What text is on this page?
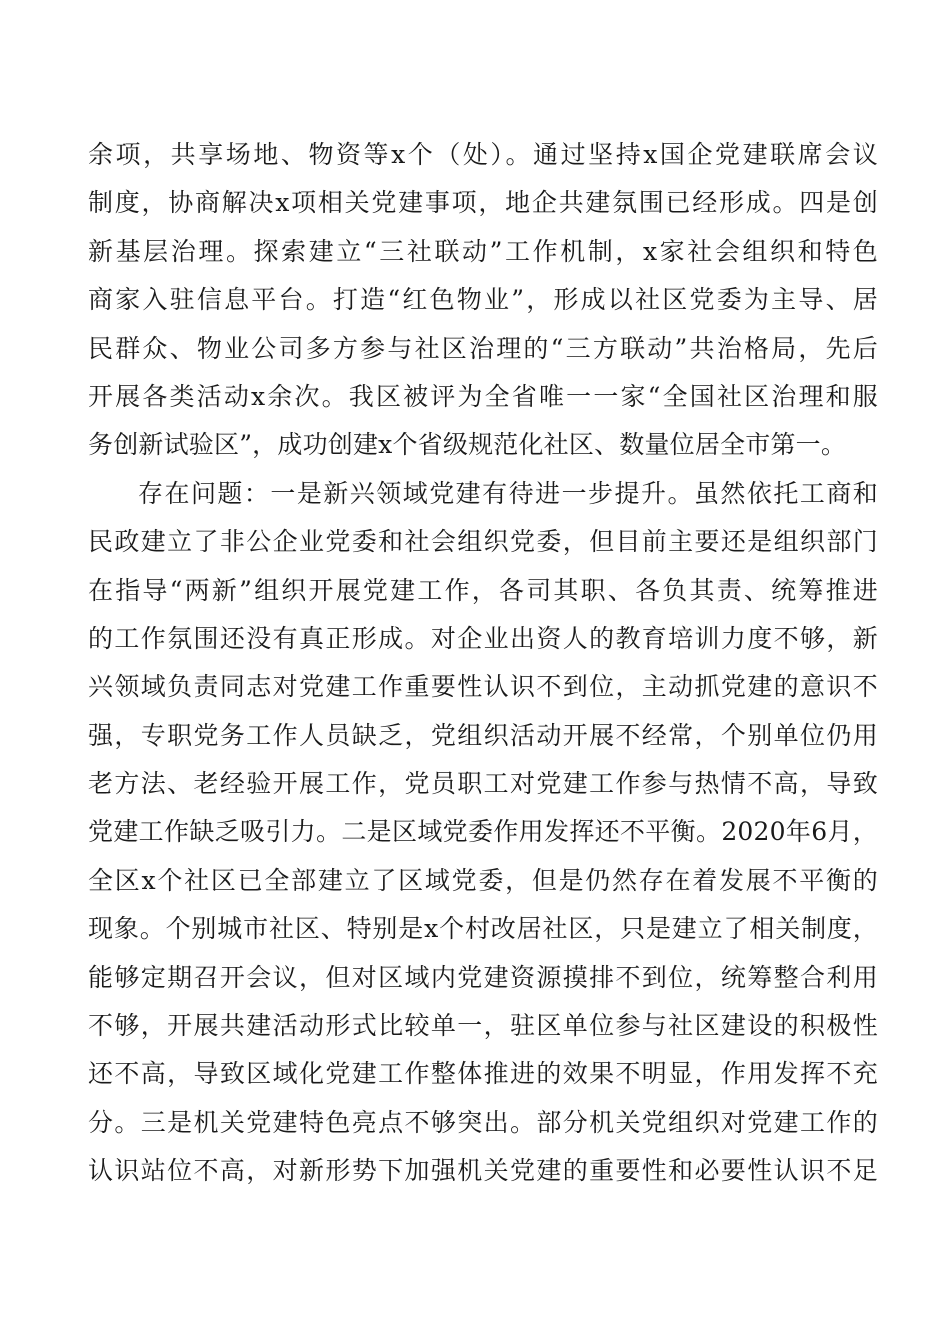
余项，共享场地、物资等x个（处）。通过坚持x国企党建联席会议
制度，协商解决x项相关党建事项，地企共建氛围已经形成。四是创
新基层治理。探索建立“三社联动”工作机制，x家社会组织和特色
商家入驻信息平台。打造“红色物业”，形成以社区党委为主导、居
民群众、物业公司多方参与社区治理的“三方联动”共治格局，先后
开展各类活动x余次。我区被评为全省唯一一家“全国社区治理和服
务创新试验区”，成功创建x个省级规范化社区、数量位居全市第一。
存在问题：一是新兴领域党建有待进一步提升。虽然依托工商和
民政建立了非公企业党委和社会组织党委，但目前主要还是组织部门
在指导“两新”组织开展党建工作，各司其职、各负其责、统筹推进
的工作氛围还没有真正形成。对企业出资人的教育培训力度不够，新
兴领域负责同志对党建工作重要性认识不到位，主动抓党建的意识不
强，专职党务工作人员缺乏，党组织活动开展不经常，个别单位仍用
老方法、老经验开展工作，党员职工对党建工作参与热情不高，导致
党建工作缺乏吸引力。二是区域党委作用发挥还不平衡。2020年6月，
全区x个社区已全部建立了区域党委，但是仍然存在着发展不平衡的
现象。个别城市社区、特别是x个村改居社区，只是建立了相关制度，
能够定期召开会议，但对区域内党建资源摸排不到位，统筹整合利用
不够，开展共建活动形式比较单一，驻区单位参与社区建设的积极性
还不高，导致区域化党建工作整体推进的效果不明显，作用发挥不充
分。三是机关党建特色亮点不够突出。部分机关党组织对党建工作的
认识站位不高，对新形势下加强机关党建的重要性和必要性认识不足
